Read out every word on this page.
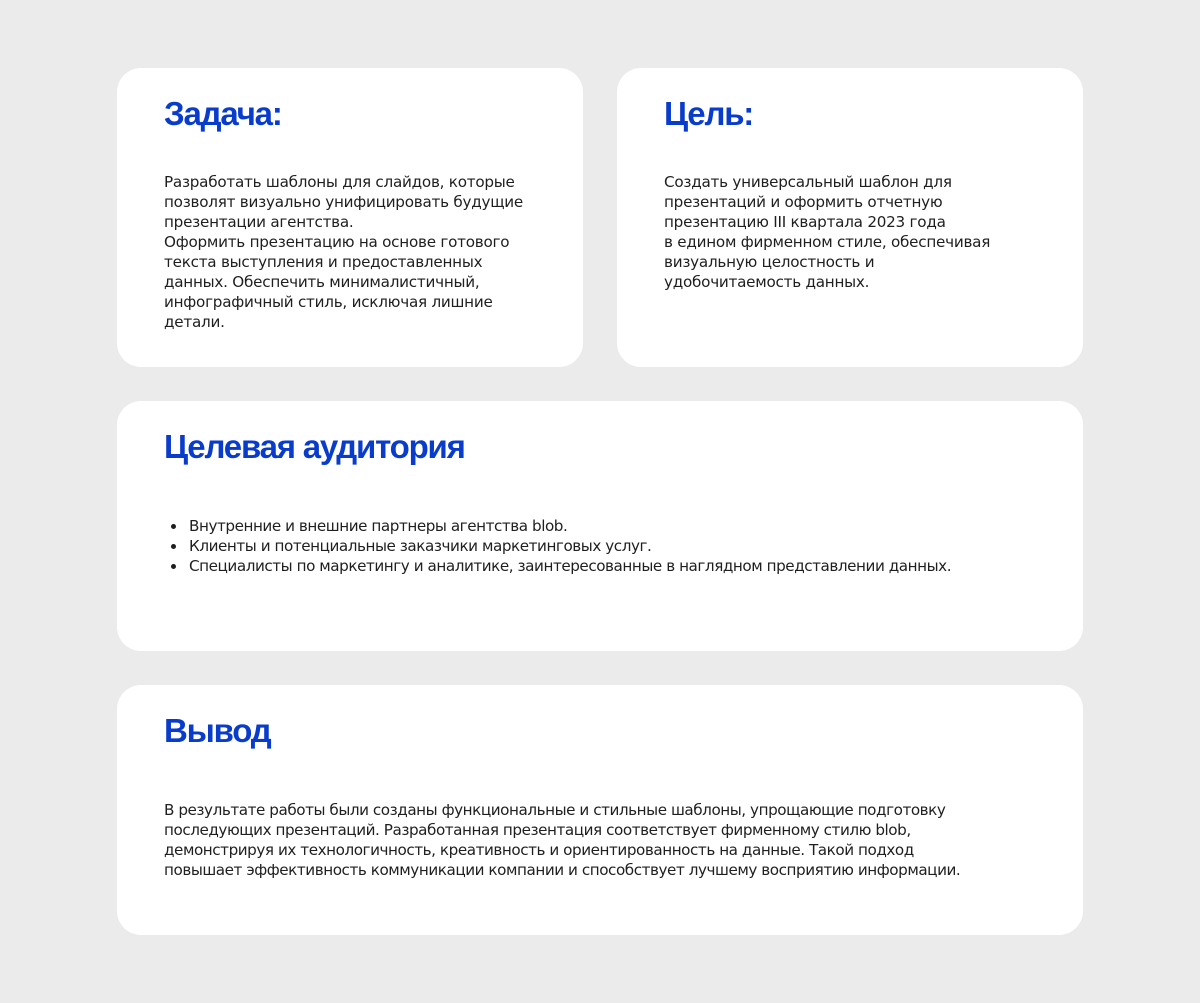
Задача:

Разработать шаблоны для слайдов, которые
позволят визуально унифицировать будущие
презентации агентства.
Оформить презентацию на основе готового
текста выступления и предоставленных
данных. Обеспечить минималистичный,
инфографичный стиль, исключая лишние
детали.

Цель:

Создать универсальный шаблон для
презентаций и оформить отчетную
презентацию III квартала 2023 года
в едином фирменном стиле, обеспечивая
визуальную целостность и
удобочитаемость данных.

Целевая аудитория
Внутренние и внешние партнеры агентства blob.
Клиенты и потенциальные заказчики маркетинговых услуг.
Специалисты по маркетингу и аналитике, заинтересованные в наглядном представлении данных.
Вывод

В результате работы были созданы функциональные и стильные шаблоны, упрощающие подготовку
последующих презентаций. Разработанная презентация соответствует фирменному стилю blob,
демонстрируя их технологичность, креативность и ориентированность на данные. Такой подход
повышает эффективность коммуникации компании и способствует лучшему восприятию информации.
